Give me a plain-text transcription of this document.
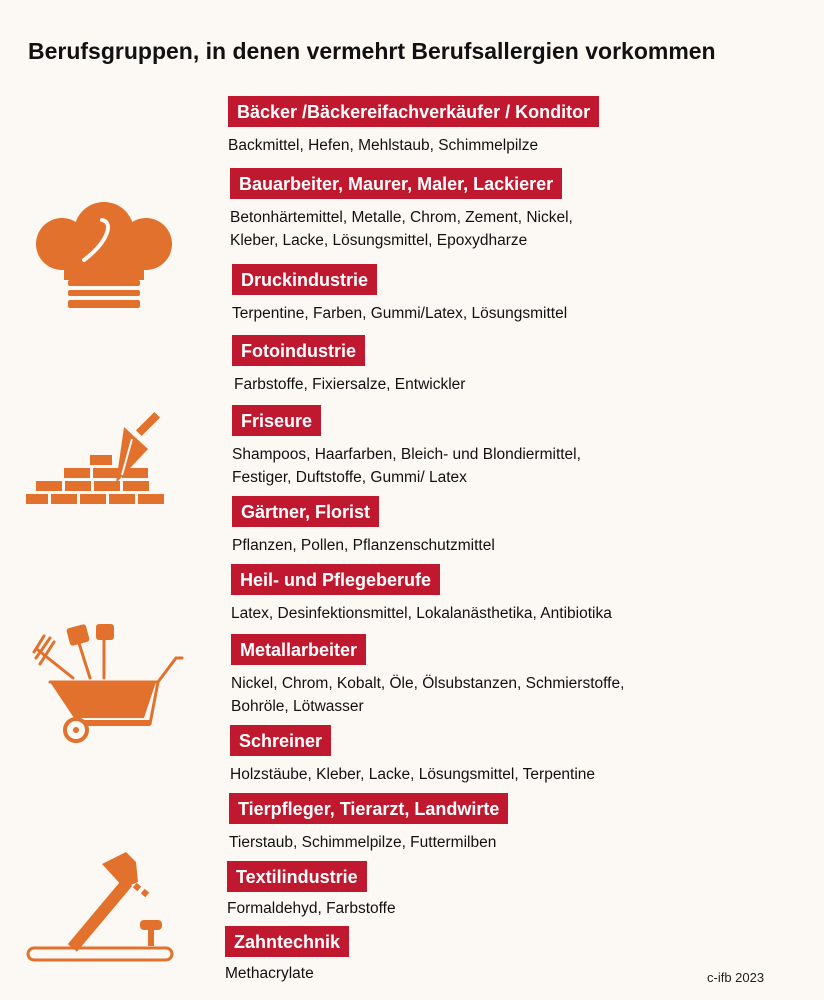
Berufsgruppen, in denen vermehrt Berufsallergien vorkommen
Bäcker /Bäckereifachverkäufer / Konditor
Backmittel, Hefen, Mehlstaub, Schimmelpilze
Bauarbeiter, Maurer, Maler, Lackierer
Betonhärtemittel, Metalle, Chrom, Zement, Nickel,
Kleber, Lacke, Lösungsmittel, Epoxydharze
Druckindustrie
Terpentine, Farben, Gummi/Latex, Lösungsmittel
Fotoindustrie
Farbstoffe, Fixiersalze, Entwickler
Friseure
Shampoos, Haarfarben, Bleich- und Blondiermittel,
Festiger, Duftstoffe, Gummi/ Latex
Gärtner, Florist
Pflanzen, Pollen, Pflanzenschutzmittel
Heil- und Pflegeberufe
Latex, Desinfektionsmittel, Lokalanästhetika, Antibiotika
Metallarbeiter
Nickel, Chrom, Kobalt, Öle, Ölsubstanzen, Schmierstoffe,
Bohröle, Lötwasser
Schreiner
Holzstäube, Kleber, Lacke, Lösungsmittel, Terpentine
Tierpfleger, Tierarzt, Landwirte
Tierstaub, Schimmelpilze, Futtermilben
Textilindustrie
Formaldehyd, Farbstoffe
Zahntechnik
Methacrylate	c-ifb 2023
